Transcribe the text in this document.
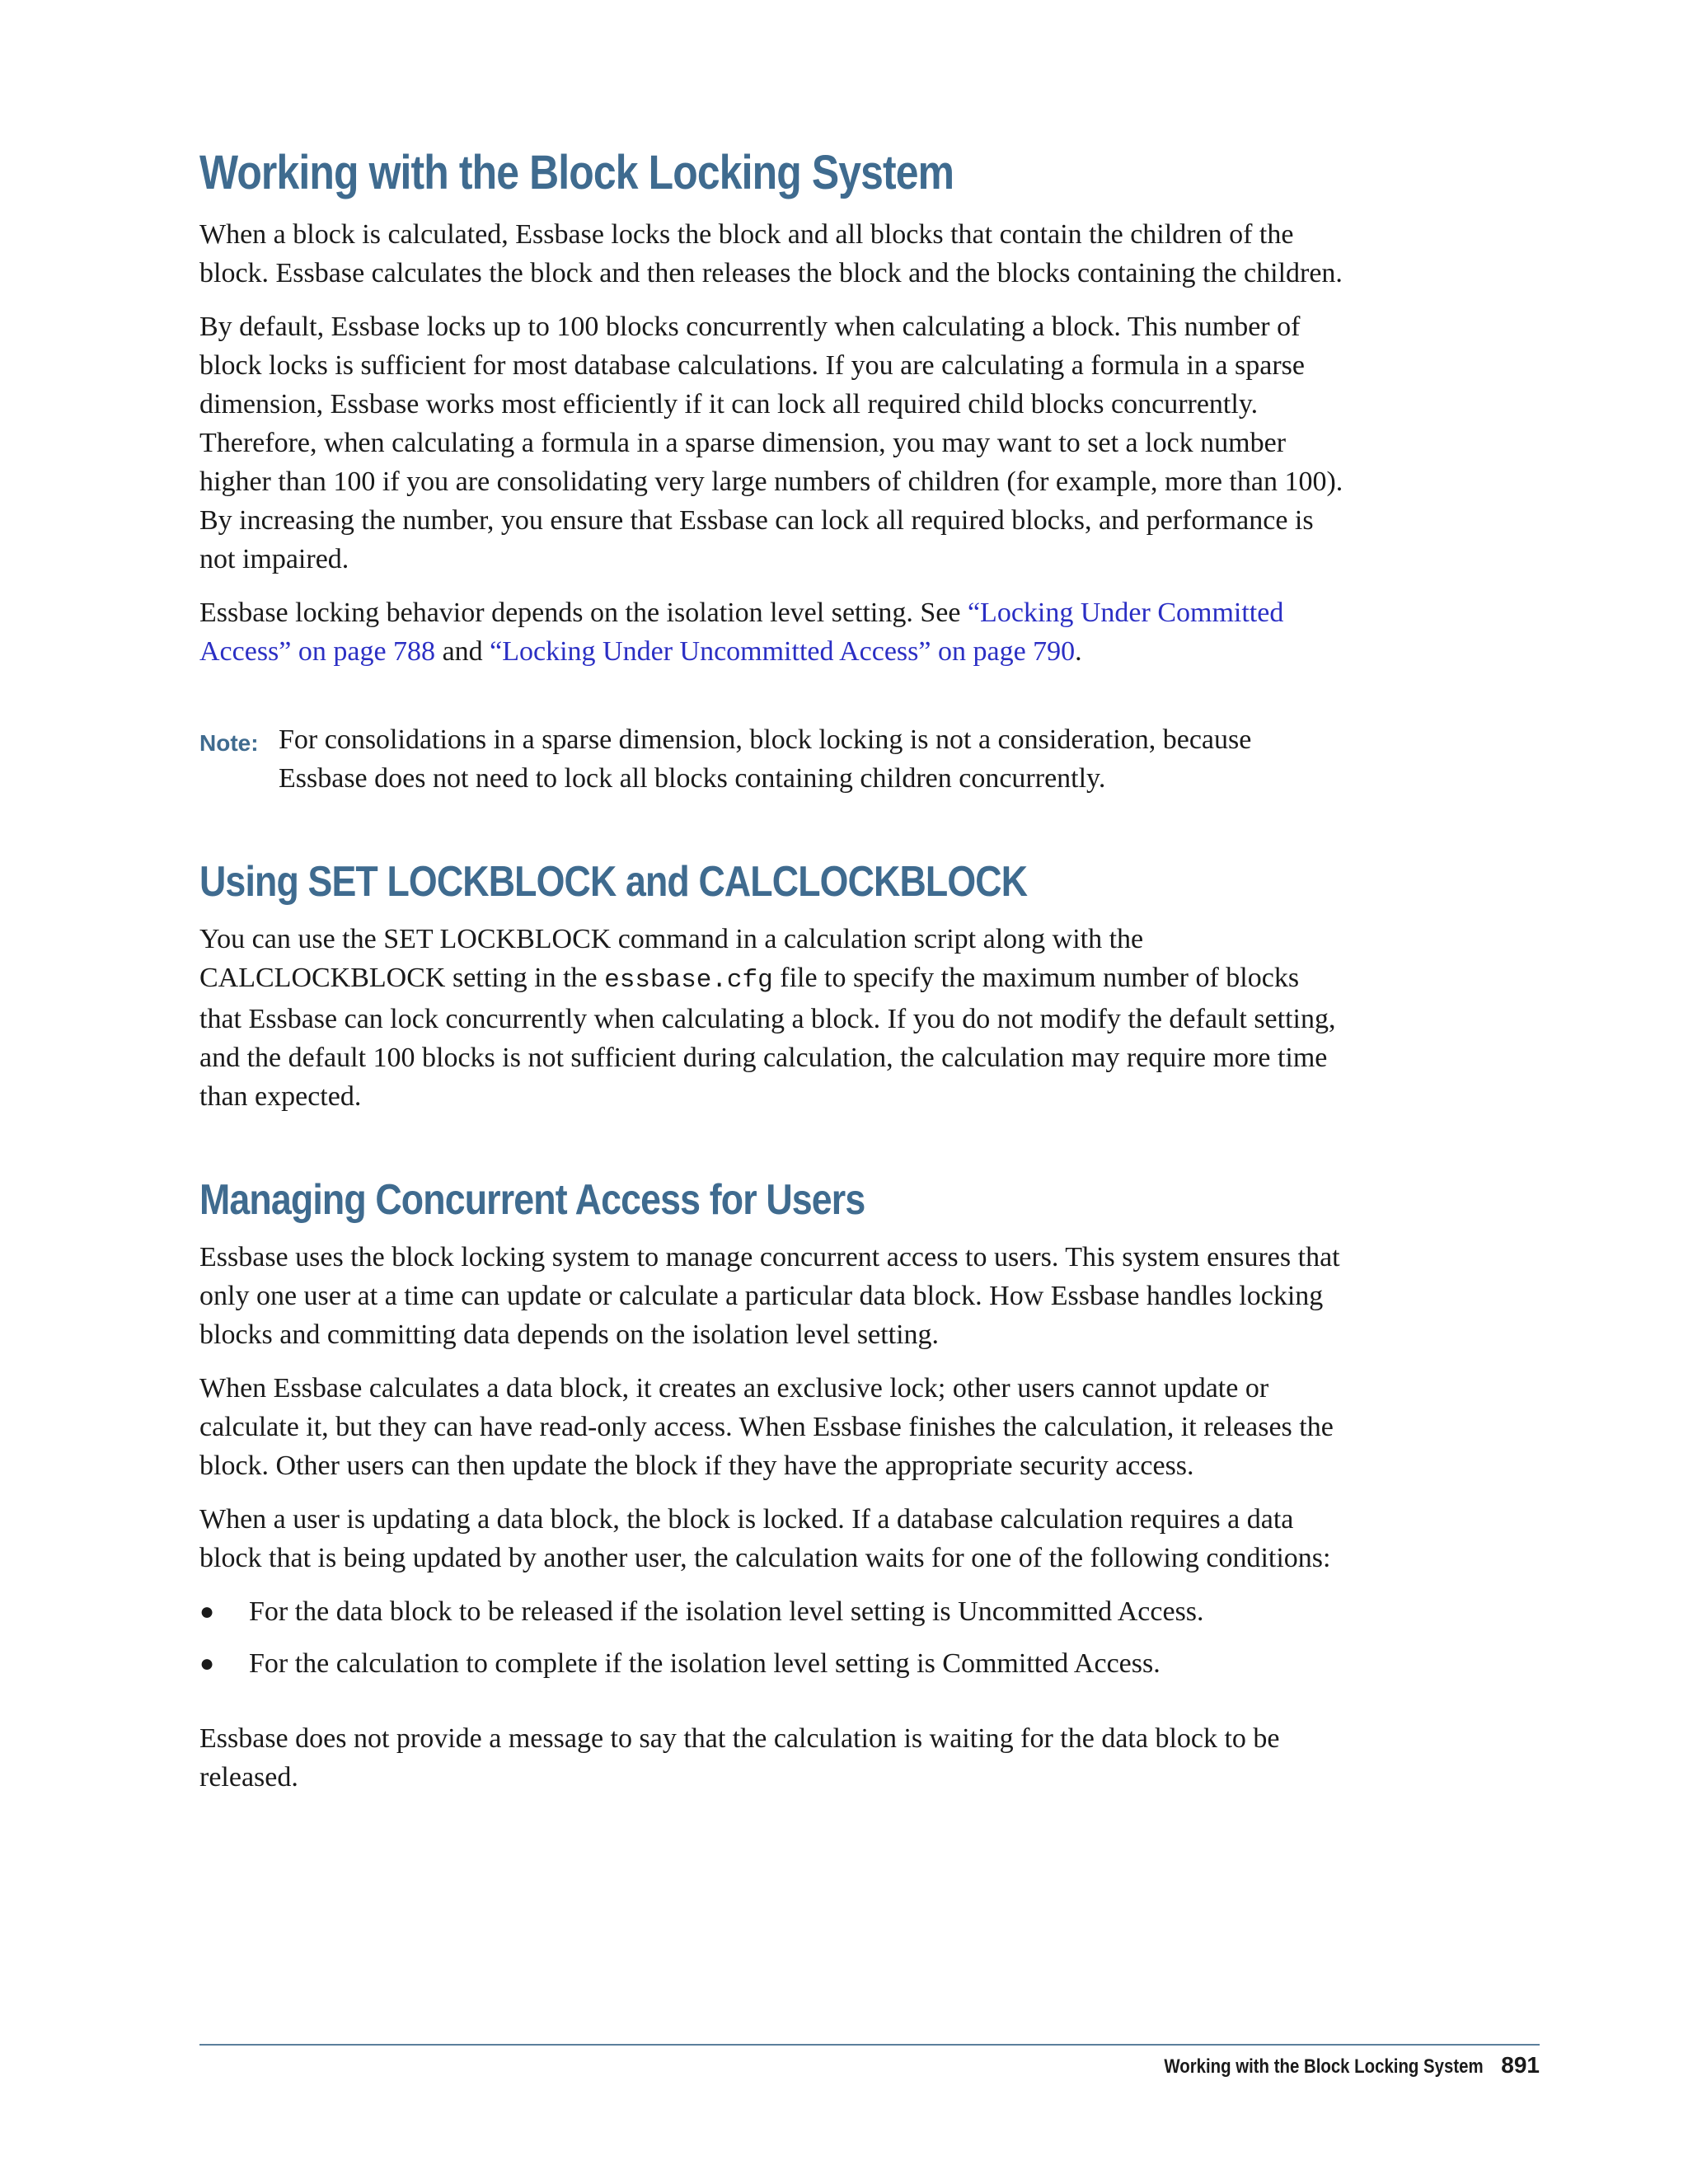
Working with the Block Locking System

When a block is calculated, Essbase locks the block and all blocks that contain the children of the block. Essbase calculates the block and then releases the block and the blocks containing the children.

By default, Essbase locks up to 100 blocks concurrently when calculating a block. This number of block locks is sufficient for most database calculations. If you are calculating a formula in a sparse dimension, Essbase works most efficiently if it can lock all required child blocks concurrently. Therefore, when calculating a formula in a sparse dimension, you may want to set a lock number higher than 100 if you are consolidating very large numbers of children (for example, more than 100). By increasing the number, you ensure that Essbase can lock all required blocks, and performance is not impaired.

Essbase locking behavior depends on the isolation level setting. See “Locking Under Committed Access” on page 788 and “Locking Under Uncommitted Access” on page 790.

Note: For consolidations in a sparse dimension, block locking is not a consideration, because Essbase does not need to lock all blocks containing children concurrently.
Using SET LOCKBLOCK and CALCLOCKBLOCK

You can use the SET LOCKBLOCK command in a calculation script along with the CALCLOCKBLOCK setting in the essbase.cfg file to specify the maximum number of blocks that Essbase can lock concurrently when calculating a block. If you do not modify the default setting, and the default 100 blocks is not sufficient during calculation, the calculation may require more time than expected.

Managing Concurrent Access for Users

Essbase uses the block locking system to manage concurrent access to users. This system ensures that only one user at a time can update or calculate a particular data block. How Essbase handles locking blocks and committing data depends on the isolation level setting.

When Essbase calculates a data block, it creates an exclusive lock; other users cannot update or calculate it, but they can have read-only access. When Essbase finishes the calculation, it releases the block. Other users can then update the block if they have the appropriate security access.

When a user is updating a data block, the block is locked. If a database calculation requires a data block that is being updated by another user, the calculation waits for one of the following conditions:

●	For the data block to be released if the isolation level setting is Uncommitted Access.
●	For the calculation to complete if the isolation level setting is Committed Access.

Essbase does not provide a message to say that the calculation is waiting for the data block to be released.

Working with the Block Locking System 891
